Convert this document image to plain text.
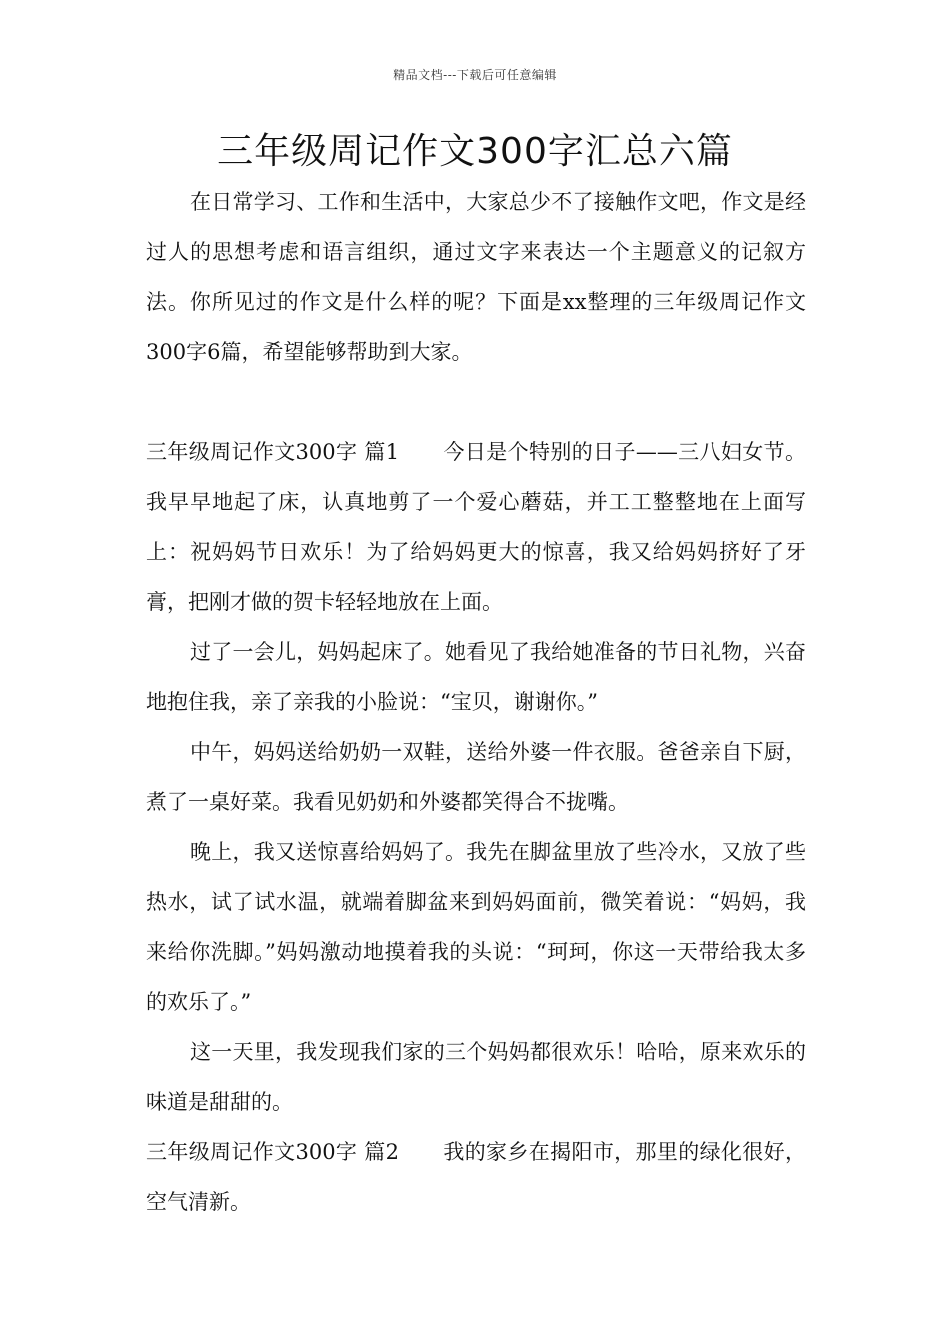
精品文档---下载后可任意编辑
三年级周记作文300字汇总六篇

在日常学习、工作和生活中，大家总少不了接触作文吧，作文是经过人的思想考虑和语言组织，通过文字来表达一个主题意义的记叙方法。你所见过的作文是什么样的呢？下面是xx整理的三年级周记作文300字6篇，希望能够帮助到大家。

三年级周记作文300字 篇1 今日是个特别的日子——三八妇女节。我早早地起了床，认真地剪了一个爱心蘑菇，并工工整整地在上面写上：祝妈妈节日欢乐！为了给妈妈更大的惊喜，我又给妈妈挤好了牙膏，把刚才做的贺卡轻轻地放在上面。

过了一会儿，妈妈起床了。她看见了我给她准备的节日礼物，兴奋地抱住我，亲了亲我的小脸说：“宝贝，谢谢你。”

中午，妈妈送给奶奶一双鞋，送给外婆一件衣服。爸爸亲自下厨，煮了一桌好菜。我看见奶奶和外婆都笑得合不拢嘴。

晚上，我又送惊喜给妈妈了。我先在脚盆里放了些冷水，又放了些热水，试了试水温，就端着脚盆来到妈妈面前，微笑着说：“妈妈，我来给你洗脚。”妈妈激动地摸着我的头说：“珂珂，你这一天带给我太多的欢乐了。”

这一天里，我发现我们家的三个妈妈都很欢乐！哈哈，原来欢乐的味道是甜甜的。

三年级周记作文300字 篇2 我的家乡在揭阳市，那里的绿化很好，空气清新。
